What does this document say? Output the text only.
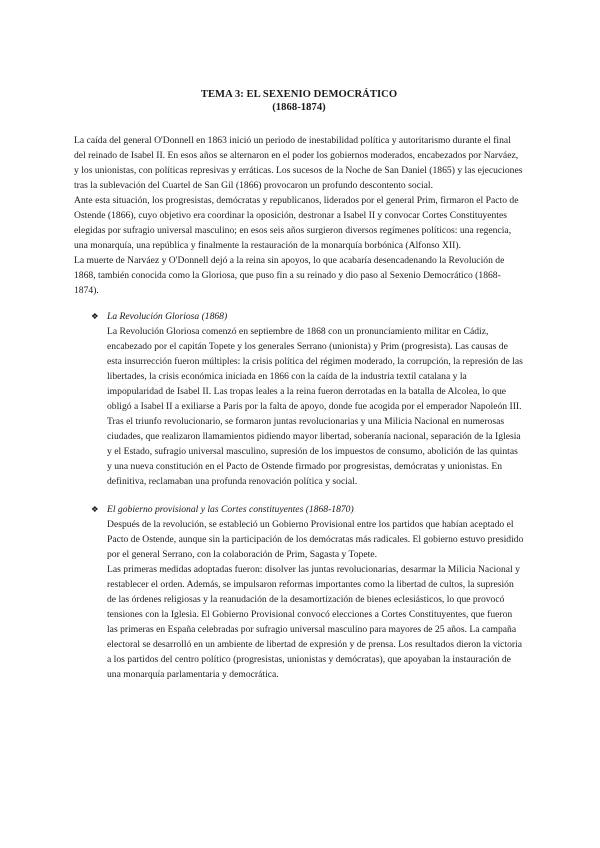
TEMA 3: EL SEXENIO DEMOCRÁTICO
(1868-1874)

La caída del general O'Donnell en 1863 inició un periodo de inestabilidad política y autoritarismo durante el final del reinado de Isabel II. En esos años se alternaron en el poder los gobiernos moderados, encabezados por Narváez, y los unionistas, con políticas represivas y erráticas. Los sucesos de la Noche de San Daniel (1865) y las ejecuciones tras la sublevación del Cuartel de San Gil (1866) provocaron un profundo descontento social.

Ante esta situación, los progresistas, demócratas y republicanos, liderados por el general Prim, firmaron el Pacto de Ostende (1866), cuyo objetivo era coordinar la oposición, destronar a Isabel II y convocar Cortes Constituyentes elegidas por sufragio universal masculino; en esos seis años surgieron diversos regímenes políticos: una regencia, una monarquía, una república y finalmente la restauración de la monarquía borbónica (Alfonso XII).

La muerte de Narváez y O'Donnell dejó a la reina sin apoyos, lo que acabaría desencadenando la Revolución de 1868, también conocida como la Gloriosa, que puso fin a su reinado y dio paso al Sexenio Democrático (1868-1874).

❖ La Revolución Gloriosa (1868)

La Revolución Gloriosa comenzó en septiembre de 1868 con un pronunciamiento militar en Cádiz, encabezado por el capitán Topete y los generales Serrano (unionista) y Prim (progresista). Las causas de esta insurrección fueron múltiples: la crisis política del régimen moderado, la corrupción, la represión de las libertades, la crisis económica iniciada en 1866 con la caída de la industria textil catalana y la impopularidad de Isabel II. Las tropas leales a la reina fueron derrotadas en la batalla de Alcolea, lo que obligó a Isabel II a exiliarse a París por la falta de apoyo, donde fue acogida por el emperador Napoleón III.

Tras el triunfo revolucionario, se formaron juntas revolucionarias y una Milicia Nacional en numerosas ciudades, que realizaron llamamientos pidiendo mayor libertad, soberanía nacional, separación de la Iglesia y el Estado, sufragio universal masculino, supresión de los impuestos de consumo, abolición de las quintas y una nueva constitución en el Pacto de Ostende firmado por progresistas, demócratas y unionistas. En definitiva, reclamaban una profunda renovación política y social.

❖ El gobierno provisional y las Cortes constituyentes (1868-1870)

Después de la revolución, se estableció un Gobierno Provisional entre los partidos que habían aceptado el Pacto de Ostende, aunque sin la participación de los demócratas más radicales. El gobierno estuvo presidido por el general Serrano, con la colaboración de Prim, Sagasta y Topete.

Las primeras medidas adoptadas fueron: disolver las juntas revolucionarias, desarmar la Milicia Nacional y restablecer el orden. Además, se impulsaron reformas importantes como la libertad de cultos, la supresión de las órdenes religiosas y la reanudación de la desamortización de bienes eclesiásticos, lo que provocó tensiones con la Iglesia. El Gobierno Provisional convocó elecciones a Cortes Constituyentes, que fueron las primeras en España celebradas por sufragio universal masculino para mayores de 25 años. La campaña electoral se desarrolló en un ambiente de libertad de expresión y de prensa. Los resultados dieron la victoria a los partidos del centro político (progresistas, unionistas y demócratas), que apoyaban la instauración de una monarquía parlamentaria y democrática.
